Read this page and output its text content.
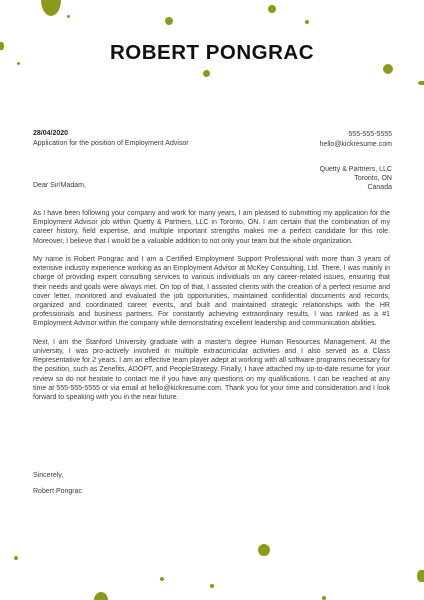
ROBERT PONGRAC
28/04/2020
Application for the position of Employment Advisor
555-555-5555
hello@kickresume.com
Quetty & Partners, LLC
Toronto, ON
Canada
Dear Sir/Madam,

As I have been following your company and work for many years, I am pleased to submitting my application for the Employment Advisor job within Quetty & Partners, LLC in Toronto, ON. I am certain that the combination of my career history, field expertise, and multiple important strengths makes me a perfect candidate for this role. Moreover, I believe that I would be a valuable addition to not only your team but the whole organization.

My name is Robert Pongrac and I am a Certified Employment Support Professional with more than 3 years of extensive industry experience working as an Employment Advisor at McKey Consulting, Ltd. There, I was mainly in charge of providing expert consulting services to various individuals on any career-related issues, ensuring that their needs and goals were always met. On top of that, I assisted clients with the creation of a perfect resume and cover letter, monitored and evaluated the job opportunities, maintained confidential documents and records, organized and coordinated career events, and built and maintained strategic relationships with the HR professionals and business partners. For constantly achieving extraordinary results, I was ranked as a #1 Employment Advisor within the company while demonstrating excellent leadership and communication abilities.

Next, I am the Stanford University graduate with a master's degree Human Resources Management. At the university, I was pro-actively involved in multiple extracurricular activities and I also served as a Class Representative for 2 years. I am an effective team player adept at working with all software programs necessary for the position, such as Zenefits, ADOPT, and PeopleStrategy. Finally, I have attached my up-to-date resume for your review so do not hesitate to contact me if you have any questions on my qualifications. I can be reached at any time at 555-555-5555 or via email at hello@kickresume.com. Thank you for your time and consideration and I look forward to speaking with you in the near future.

Sincerely,
Robert Pongrac
